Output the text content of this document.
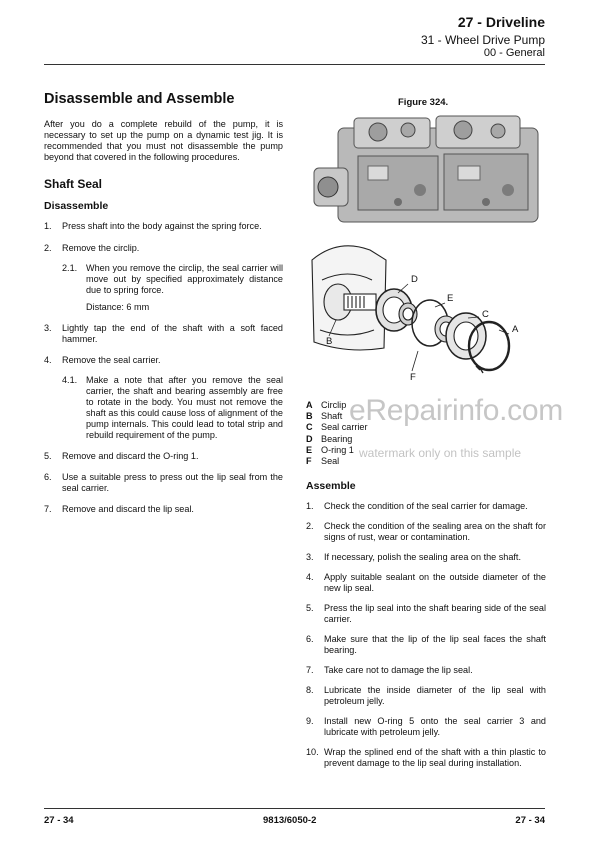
27 - Driveline
31 - Wheel Drive Pump
00 - General
Disassemble and Assemble

After you do a complete rebuild of the pump, it is necessary to set up the pump on a dynamic test jig. It is recommended that you must not disassemble the pump beyond that covered in the following procedures.

Shaft Seal
Disassemble
1.	Press shaft into the body against the spring force.
2.	Remove the circlip.
2.1. When you remove the circlip, the seal carrier will move out by specified approximately distance due to spring force.
Distance: 6 mm
3.	Lightly tap the end of the shaft with a soft faced hammer.
4.	Remove the seal carrier.
4.1. Make a note that after you remove the seal carrier, the shaft and bearing assembly are free to rotate in the body. You must not remove the shaft as this could cause loss of alignment of the pump internals. This could lead to total strip and rebuild requirement of the pump.
5.	Remove and discard the O-ring 1.
6.	Use a suitable press to press out the lip seal from the seal carrier.
7.	Remove and discard the lip seal.
Figure 324.
D
E
C
A
B
F
A Circlip
B Shaft
C Seal carrier
D Bearing
E O-ring 1
F	Seal
eRepairinfo.com
watermark only on this sample
Assemble
1.	Check the condition of the seal carrier for damage.
2.	Check the condition of the sealing area on the shaft for signs of rust, wear or contamination.
3.	If necessary, polish the sealing area on the shaft.
4.	Apply suitable sealant on the outside diameter of the new lip seal.
5.	Press the lip seal into the shaft bearing side of the seal carrier.
6.	Make sure that the lip of the lip seal faces the shaft bearing.
7.	Take care not to damage the lip seal.
8.	Lubricate the inside diameter of the lip seal with petroleum jelly.
9.	Install new O-ring 5 onto the seal carrier 3 and lubricate with petroleum jelly.
10. Wrap the splined end of the shaft with a thin plastic to prevent damage to the lip seal during installation.
27 - 34	9813/6050-2	27 - 34
